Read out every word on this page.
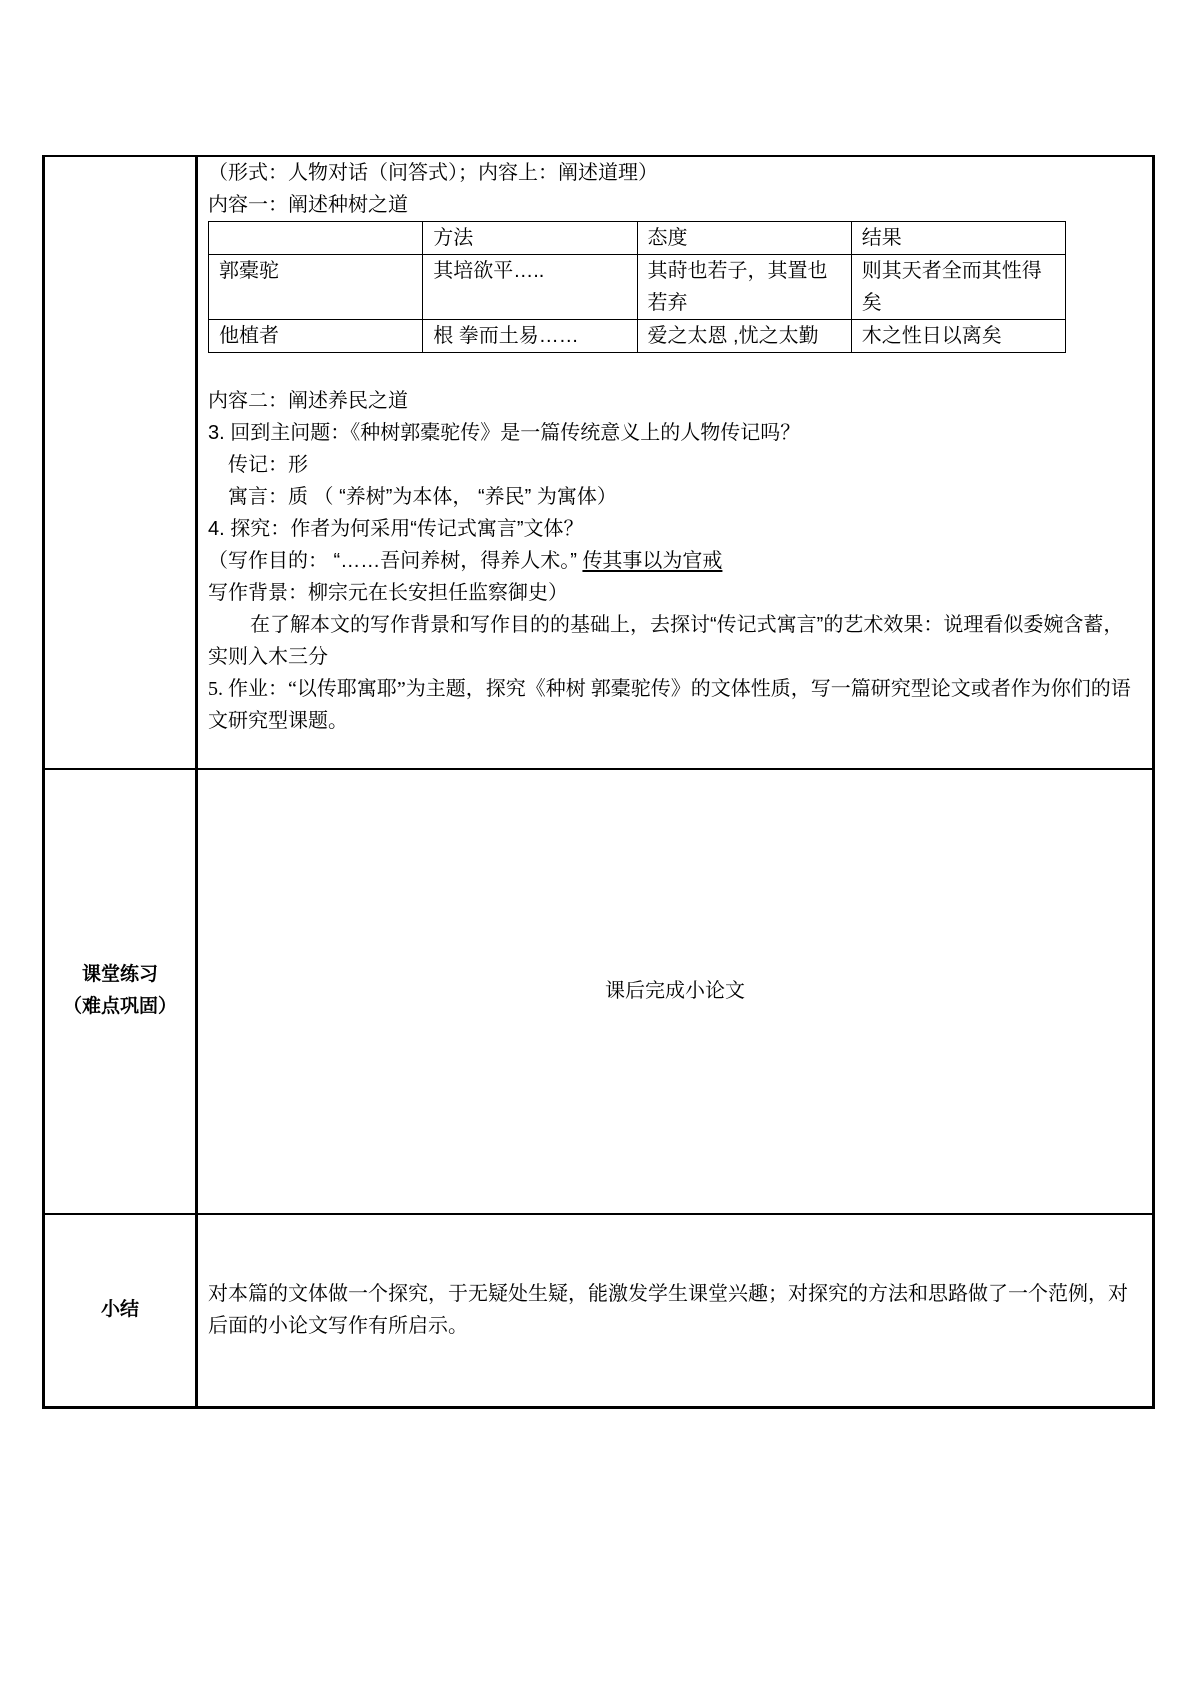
（形式：人物对话（问答式）；内容上：阐述道理）

内容一：阐述种树之道

	方法	态度	结果
郭橐驼	其培欲平…..	其莳也若子，其置也若弃	则其天者全而其性得矣
他植者	根 拳而土易……	爱之太恩 ,忧之太勤	木之性日以离矣

内容二：阐述养民之道

3. 回到主问题：《种树郭橐驼传》是一篇传统意义上的人物传记吗？

传记：形

寓言：质 （ “养树”为本体， “养民” 为寓体）

4. 探究：作者为何采用“传记式寓言”文体？

（写作目的： “……吾问养树，得养人术。” 传其事以为官戒

写作背景：柳宗元在长安担任监察御史）

在了解本文的写作背景和写作目的的基础上，去探讨“传记式寓言”的艺术效果：说理看似委婉含蓄，实则入木三分

5. 作业：“以传耶寓耶”为主题，探究《种树 郭橐驼传》的文体性质，写一篇研究型论文或者作为你们的语文研究型课题。

课堂练习
（难点巩固）
	课后完成小论文
小结	
对本篇的文体做一个探究，于无疑处生疑，能激发学生课堂兴趣；对探究的方法和思路做了一个范例，对后面的小论文写作有所启示。
